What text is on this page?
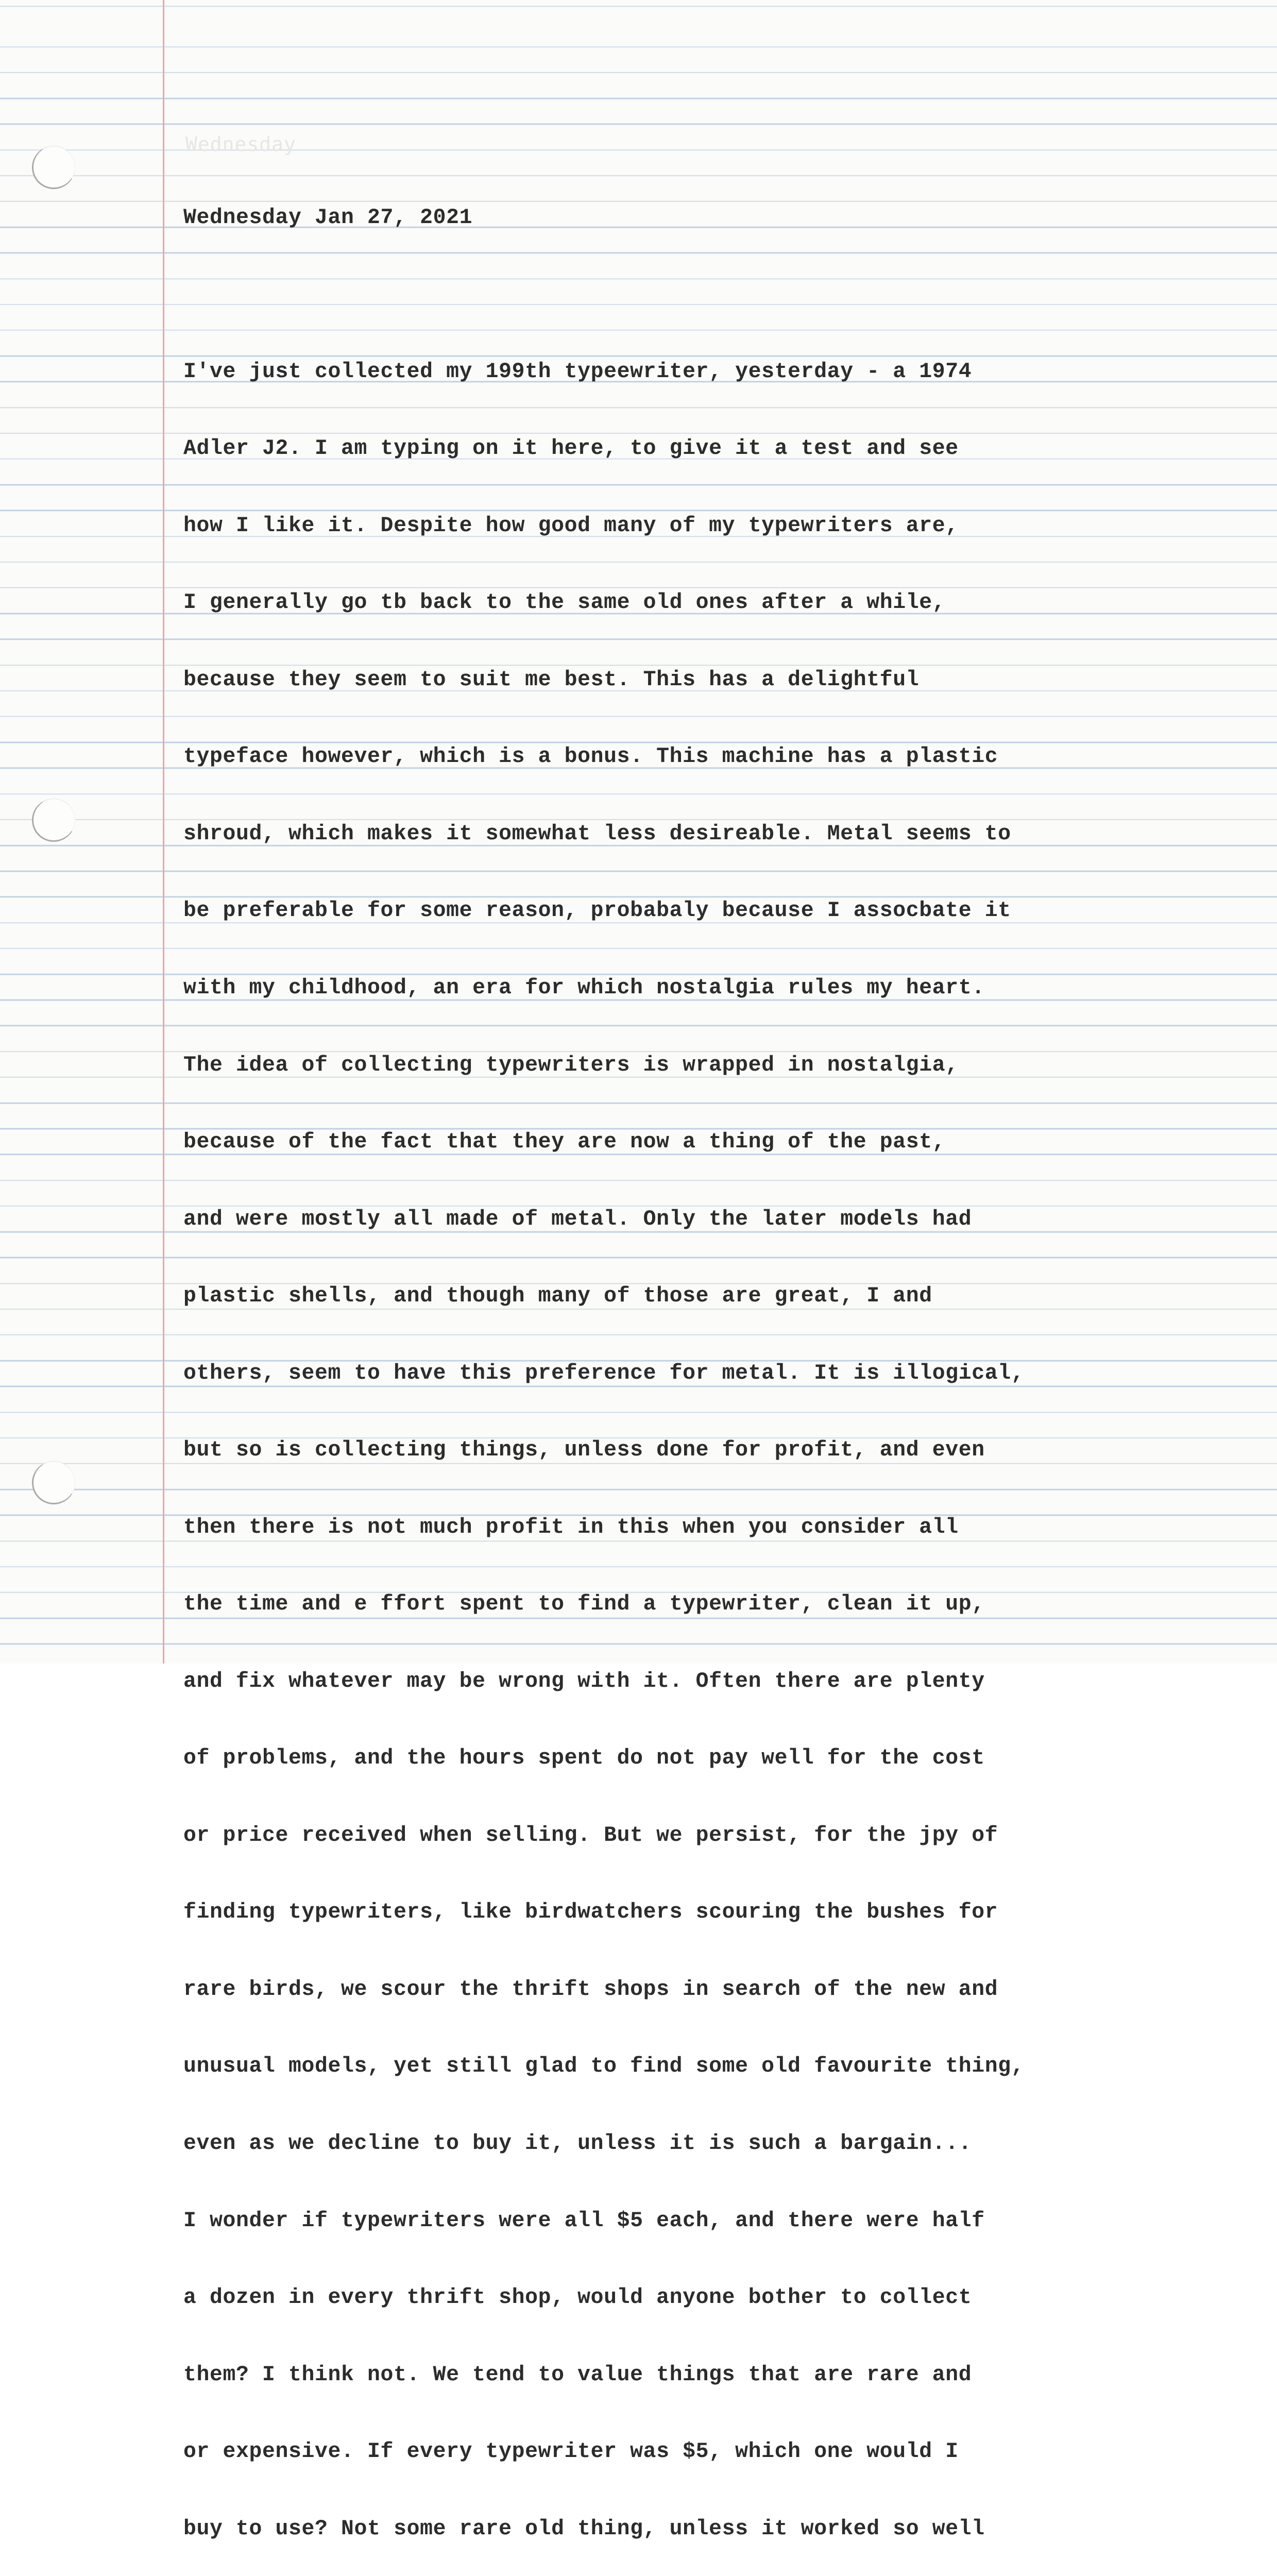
Wednesday

Wednesday Jan 27, 2021

I've just collected my 199th typeewriter, yesterday - a 1974

Adler J2. I am typing on it here, to give it a test and see

how I like it. Despite how good many of my typewriters are,

I generally go tb back to the same old ones after a while,

because they seem to suit me best. This has a delightful

typeface however, which is a bonus. This machine has a plastic

shroud, which makes it somewhat less desireable. Metal seems to

be preferable for some reason, probabaly because I assocbate it

with my childhood, an era for which nostalgia rules my heart.

The idea of collecting typewriters is wrapped in nostalgia,

because of the fact that they are now a thing of the past,

and were mostly all made of metal. Only the later models had

plastic shells, and though many of those are great, I and

others, seem to have this preference for metal. It is illogical,

but so is collecting things, unless done for profit, and even

then there is not much profit in this when you consider all

the time and e ffort spent to find a typewriter, clean it up,

and fix whatever may be wrong with it. Often there are plenty

of problems, and the hours spent do not pay well for the cost

or price received when selling. But we persist, for the jpy of

finding typewriters, like birdwatchers scouring the bushes for

rare birds, we scour the thrift shops in search of the new and

unusual models, yet still glad to find some old favourite thing,

even as we decline to buy it, unless it is such a bargain...

I wonder if typewriters were all $5 each, and there were half

a dozen in every thrift shop, would anyone bother to collect

them? I think not. We tend to value things that are rare and

or expensive. If every typewriter was $5, which one would I

buy to use? Not some rare old thing, unless it worked so well
